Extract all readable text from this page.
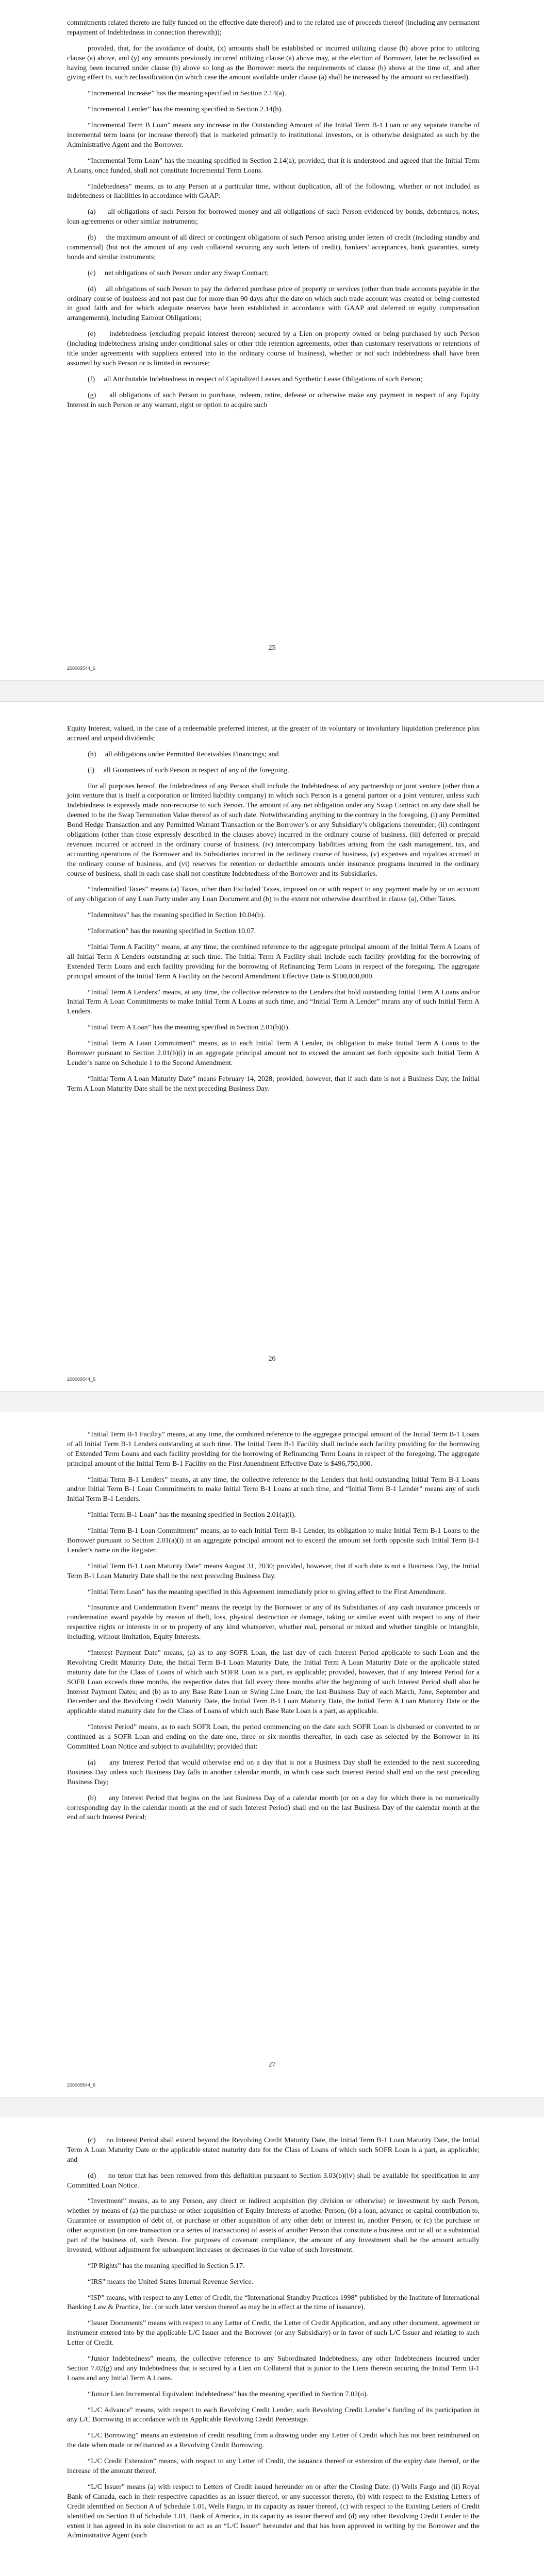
commitments related thereto are fully funded on the effective date thereof) and to the related use of proceeds thereof (including any permanent repayment of Indebtedness in connection therewith));

provided, that, for the avoidance of doubt, (x) amounts shall be established or incurred utilizing clause (b) above prior to utilizing clause (a) above, and (y) any amounts previously incurred utilizing clause (a) above may, at the election of Borrower, later be reclassified as having been incurred under clause (b) above so long as the Borrower meets the requirements of clause (b) above at the time of, and after giving effect to, such reclassification (in which case the amount available under clause (a) shall be increased by the amount so reclassified).

“Incremental Increase” has the meaning specified in Section 2.14(a).

“Incremental Lender” has the meaning specified in Section 2.14(b).

“Incremental Term B Loan” means any increase in the Outstanding Amount of the Initial Term B-1 Loan or any separate tranche of incremental term loans (or increase thereof) that is marketed primarily to institutional investors, or is otherwise designated as such by the Administrative Agent and the Borrower.

“Incremental Term Loan” has the meaning specified in Section 2.14(a); provided, that it is understood and agreed that the Initial Term A Loans, once funded, shall not constitute Incremental Term Loans.

“Indebtedness” means, as to any Person at a particular time, without duplication, all of the following, whether or not included as indebtedness or liabilities in accordance with GAAP:

(a)     all obligations of such Person for borrowed money and all obligations of such Person evidenced by bonds, debentures, notes, loan agreements or other similar instruments;

(b)     the maximum amount of all direct or contingent obligations of such Person arising under letters of credit (including standby and commercial) (but not the amount of any cash collateral securing any such letters of credit), bankers’ acceptances, bank guaranties, surety bonds and similar instruments;

(c)     net obligations of such Person under any Swap Contract;

(d)     all obligations of such Person to pay the deferred purchase price of property or services (other than trade accounts payable in the ordinary course of business and not past due for more than 90 days after the date on which such trade account was created or being contested in good faith and for which adequate reserves have been established in accordance with GAAP and deferred or equity compensation arrangements), including Earnout Obligations;

(e)     indebtedness (excluding prepaid interest thereon) secured by a Lien on property owned or being purchased by such Person (including indebtedness arising under conditional sales or other title retention agreements, other than customary reservations or retentions of title under agreements with suppliers entered into in the ordinary course of business), whether or not such indebtedness shall have been assumed by such Person or is limited in recourse;

(f)     all Attributable Indebtedness in respect of Capitalized Leases and Synthetic Lease Obligations of such Person;

(g)     all obligations of such Person to purchase, redeem, retire, defease or otherwise make any payment in respect of any Equity Interest in such Person or any warrant, right or option to acquire such

25
208009544_6

Equity Interest, valued, in the case of a redeemable preferred interest, at the greater of its voluntary or involuntary liquidation preference plus accrued and unpaid dividends;

(h)     all obligations under Permitted Receivables Financings; and

(i)     all Guarantees of such Person in respect of any of the foregoing.

For all purposes hereof, the Indebtedness of any Person shall include the Indebtedness of any partnership or joint venture (other than a joint venture that is itself a corporation or limited liability company) in which such Person is a general partner or a joint venturer, unless such Indebtedness is expressly made non-recourse to such Person. The amount of any net obligation under any Swap Contract on any date shall be deemed to be the Swap Termination Value thereof as of such date. Notwithstanding anything to the contrary in the foregoing, (i) any Permitted Bond Hedge Transaction and any Permitted Warrant Transaction or the Borrower’s or any Subsidiary’s obligations thereunder; (ii) contingent obligations (other than those expressly described in the clauses above) incurred in the ordinary course of business, (iii) deferred or prepaid revenues incurred or accrued in the ordinary course of business, (iv) intercompany liabilities arising from the cash management, tax, and accounting operations of the Borrower and its Subsidiaries incurred in the ordinary course of business, (v) expenses and royalties accrued in the ordinary course of business, and (vi) reserves for retention or deductible amounts under insurance programs incurred in the ordinary course of business, shall in each case shall not constitute Indebtedness of the Borrower and its Subsidiaries.

“Indemnified Taxes” means (a) Taxes, other than Excluded Taxes, imposed on or with respect to any payment made by or on account of any obligation of any Loan Party under any Loan Document and (b) to the extent not otherwise described in clause (a), Other Taxes.

“Indemnitees” has the meaning specified in Section 10.04(b).

“Information” has the meaning specified in Section 10.07.

“Initial Term A Facility” means, at any time, the combined reference to the aggregate principal amount of the Initial Term A Loans of all Initial Term A Lenders outstanding at such time. The Initial Term A Facility shall include each facility providing for the borrowing of Extended Term Loans and each facility providing for the borrowing of Refinancing Term Loans in respect of the foregoing. The aggregate principal amount of the Initial Term A Facility on the Second Amendment Effective Date is $100,000,000.

“Initial Term A Lenders” means, at any time, the collective reference to the Lenders that hold outstanding Initial Term A Loans and/or Initial Term A Loan Commitments to make Initial Term A Loans at such time, and “Initial Term A Lender” means any of such Initial Term A Lenders.

“Initial Term A Loan” has the meaning specified in Section 2.01(b)(i).

“Initial Term A Loan Commitment” means, as to each Initial Term A Lender, its obligation to make Initial Term A Loans to the Borrower pursuant to Section 2.01(b)(i) in an aggregate principal amount not to exceed the amount set forth opposite such Initial Term A Lender’s name on Schedule 1 to the Second Amendment.

“Initial Term A Loan Maturity Date” means February 14, 2028; provided, however, that if such date is not a Business Day, the Initial Term A Loan Maturity Date shall be the next preceding Business Day.

26
208009544_6

“Initial Term B-1 Facility” means, at any time, the combined reference to the aggregate principal amount of the Initial Term B-1 Loans of all Initial Term B-1 Lenders outstanding at such time. The Initial Term B-1 Facility shall include each facility providing for the borrowing of Extended Term Loans and each facility providing for the borrowing of Refinancing Term Loans in respect of the foregoing. The aggregate principal amount of the Initial Term B-1 Facility on the First Amendment Effective Date is $496,750,000.

“Initial Term B-1 Lenders” means, at any time, the collective reference to the Lenders that hold outstanding Initial Term B-1 Loans and/or Initial Term B-1 Loan Commitments to make Initial Term B-1 Loans at such time, and “Initial Term B-1 Lender” means any of such Initial Term B-1 Lenders.

“Initial Term B-1 Loan” has the meaning specified in Section 2.01(a)(i).

“Initial Term B-1 Loan Commitment” means, as to each Initial Term B-1 Lender, its obligation to make Initial Term B-1 Loans to the Borrower pursuant to Section 2.01(a)(i) in an aggregate principal amount not to exceed the amount set forth opposite such Initial Term B-1 Lender’s name on the Register.

“Initial Term B-1 Loan Maturity Date” means August 31, 2030; provided, however, that if such date is not a Business Day, the Initial Term B-1 Loan Maturity Date shall be the next preceding Business Day.

“Initial Term Loan” has the meaning specified in this Agreement immediately prior to giving effect to the First Amendment.

“Insurance and Condemnation Event” means the receipt by the Borrower or any of its Subsidiaries of any cash insurance proceeds or condemnation award payable by reason of theft, loss, physical destruction or damage, taking or similar event with respect to any of their respective rights or interests in or to property of any kind whatsoever, whether real, personal or mixed and whether tangible or intangible, including, without limitation, Equity Interests.

“Interest Payment Date” means, (a) as to any SOFR Loan, the last day of each Interest Period applicable to such Loan and the Revolving Credit Maturity Date, the Initial Term B-1 Loan Maturity Date, the Initial Term A Loan Maturity Date or the applicable stated maturity date for the Class of Loans of which such SOFR Loan is a part, as applicable; provided, however, that if any Interest Period for a SOFR Loan exceeds three months, the respective dates that fall every three months after the beginning of such Interest Period shall also be Interest Payment Dates; and (b) as to any Base Rate Loan or Swing Line Loan, the last Business Day of each March, June, September and December and the Revolving Credit Maturity Date, the Initial Term B-1 Loan Maturity Date, the Initial Term A Loan Maturity Date or the applicable stated maturity date for the Class of Loans of which such Base Rate Loan is a part, as applicable.

“Interest Period” means, as to each SOFR Loan, the period commencing on the date such SOFR Loan is disbursed or converted to or continued as a SOFR Loan and ending on the date one, three or six months thereafter, in each case as selected by the Borrower in its Committed Loan Notice and subject to availability; provided that:

(a)     any Interest Period that would otherwise end on a day that is not a Business Day shall be extended to the next succeeding Business Day unless such Business Day falls in another calendar month, in which case such Interest Period shall end on the next preceding Business Day;

(b)     any Interest Period that begins on the last Business Day of a calendar month (or on a day for which there is no numerically corresponding day in the calendar month at the end of such Interest Period) shall end on the last Business Day of the calendar month at the end of such Interest Period;

27
208009544_6

(c)     no Interest Period shall extend beyond the Revolving Credit Maturity Date, the Initial Term B-1 Loan Maturity Date, the Initial Term A Loan Maturity Date or the applicable stated maturity date for the Class of Loans of which such SOFR Loan is a part, as applicable; and

(d)     no tenor that has been removed from this definition pursuant to Section 3.03(b)(iv) shall be available for specification in any Committed Loan Notice.

“Investment” means, as to any Person, any direct or indirect acquisition (by division or otherwise) or investment by such Person, whether by means of (a) the purchase or other acquisition of Equity Interests of another Person, (b) a loan, advance or capital contribution to, Guarantee or assumption of debt of, or purchase or other acquisition of any other debt or interest in, another Person, or (c) the purchase or other acquisition (in one transaction or a series of transactions) of assets of another Person that constitute a business unit or all or a substantial part of the business of, such Person. For purposes of covenant compliance, the amount of any Investment shall be the amount actually invested, without adjustment for subsequent increases or decreases in the value of such Investment.

“IP Rights” has the meaning specified in Section 5.17.

“IRS” means the United States Internal Revenue Service.

“ISP” means, with respect to any Letter of Credit, the “International Standby Practices 1998” published by the Institute of International Banking Law & Practice, Inc. (or such later version thereof as may be in effect at the time of issuance).

“Issuer Documents” means with respect to any Letter of Credit, the Letter of Credit Application, and any other document, agreement or instrument entered into by the applicable L/C Issuer and the Borrower (or any Subsidiary) or in favor of such L/C Issuer and relating to such Letter of Credit.

“Junior Indebtedness” means, the collective reference to any Subordinated Indebtedness, any other Indebtedness incurred under Section 7.02(g) and any Indebtedness that is secured by a Lien on Collateral that is junior to the Liens thereon securing the Initial Term B-1 Loans and any Initial Term A Loans.

“Junior Lien Incremental Equivalent Indebtedness” has the meaning specified in Section 7.02(o).

“L/C Advance” means, with respect to each Revolving Credit Lender, such Revolving Credit Lender’s funding of its participation in any L/C Borrowing in accordance with its Applicable Revolving Credit Percentage.

“L/C Borrowing” means an extension of credit resulting from a drawing under any Letter of Credit which has not been reimbursed on the date when made or refinanced as a Revolving Credit Borrowing.

“L/C Credit Extension” means, with respect to any Letter of Credit, the issuance thereof or extension of the expiry date thereof, or the increase of the amount thereof.

“L/C Issuer” means (a) with respect to Letters of Credit issued hereunder on or after the Closing Date, (i) Wells Fargo and (ii) Royal Bank of Canada, each in their respective capacities as an issuer thereof, or any successor thereto, (b) with respect to the Existing Letters of Credit identified on Section A of Schedule 1.01, Wells Fargo, in its capacity as issuer thereof, (c) with respect to the Existing Letters of Credit identified on Section B of Schedule 1.01, Bank of America, in its capacity as issuer thereof and (d) any other Revolving Credit Lender to the extent it has agreed in its sole discretion to act as an “L/C Issuer” hereunder and that has been approved in writing by the Borrower and the Administrative Agent (such
